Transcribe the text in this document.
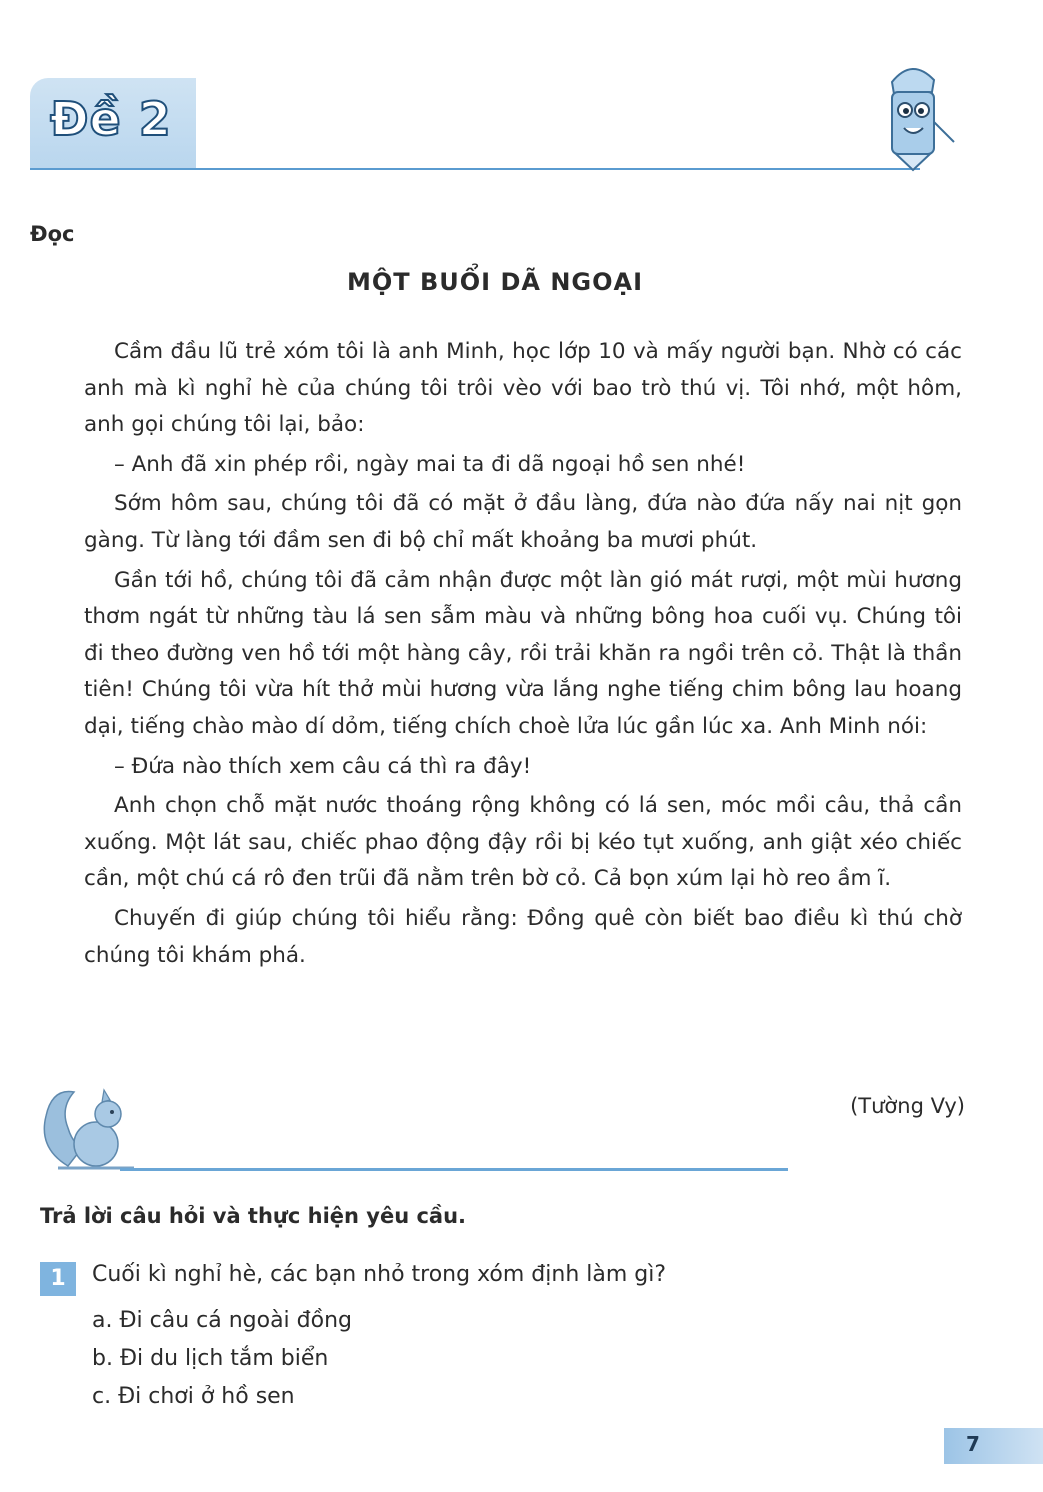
Đề 2
Đọc
MỘT BUỔI DÃ NGOẠI

Cầm đầu lũ trẻ xóm tôi là anh Minh, học lớp 10 và mấy người bạn. Nhờ có các anh mà kì nghỉ hè của chúng tôi trôi vèo với bao trò thú vị. Tôi nhớ, một hôm, anh gọi chúng tôi lại, bảo:

– Anh đã xin phép rồi, ngày mai ta đi dã ngoại hồ sen nhé!

Sớm hôm sau, chúng tôi đã có mặt ở đầu làng, đứa nào đứa nấy nai nịt gọn gàng. Từ làng tới đầm sen đi bộ chỉ mất khoảng ba mươi phút.

Gần tới hồ, chúng tôi đã cảm nhận được một làn gió mát rượi, một mùi hương thơm ngát từ những tàu lá sen sẫm màu và những bông hoa cuối vụ. Chúng tôi đi theo đường ven hồ tới một hàng cây, rồi trải khăn ra ngồi trên cỏ. Thật là thần tiên! Chúng tôi vừa hít thở mùi hương vừa lắng nghe tiếng chim bông lau hoang dại, tiếng chào mào dí dỏm, tiếng chích choè lửa lúc gần lúc xa. Anh Minh nói:

– Đứa nào thích xem câu cá thì ra đây!

Anh chọn chỗ mặt nước thoáng rộng không có lá sen, móc mồi câu, thả cần xuống. Một lát sau, chiếc phao động đậy rồi bị kéo tụt xuống, anh giật xéo chiếc cần, một chú cá rô đen trũi đã nằm trên bờ cỏ. Cả bọn xúm lại hò reo ầm ĩ.

Chuyến đi giúp chúng tôi hiểu rằng: Đồng quê còn biết bao điều kì thú chờ chúng tôi khám phá.

(Tường Vy)
Trả lời câu hỏi và thực hiện yêu cầu.
1	Cuối kì nghỉ hè, các bạn nhỏ trong xóm định làm gì?
a. Đi câu cá ngoài đồng
b. Đi du lịch tắm biển
c. Đi chơi ở hồ sen
7
